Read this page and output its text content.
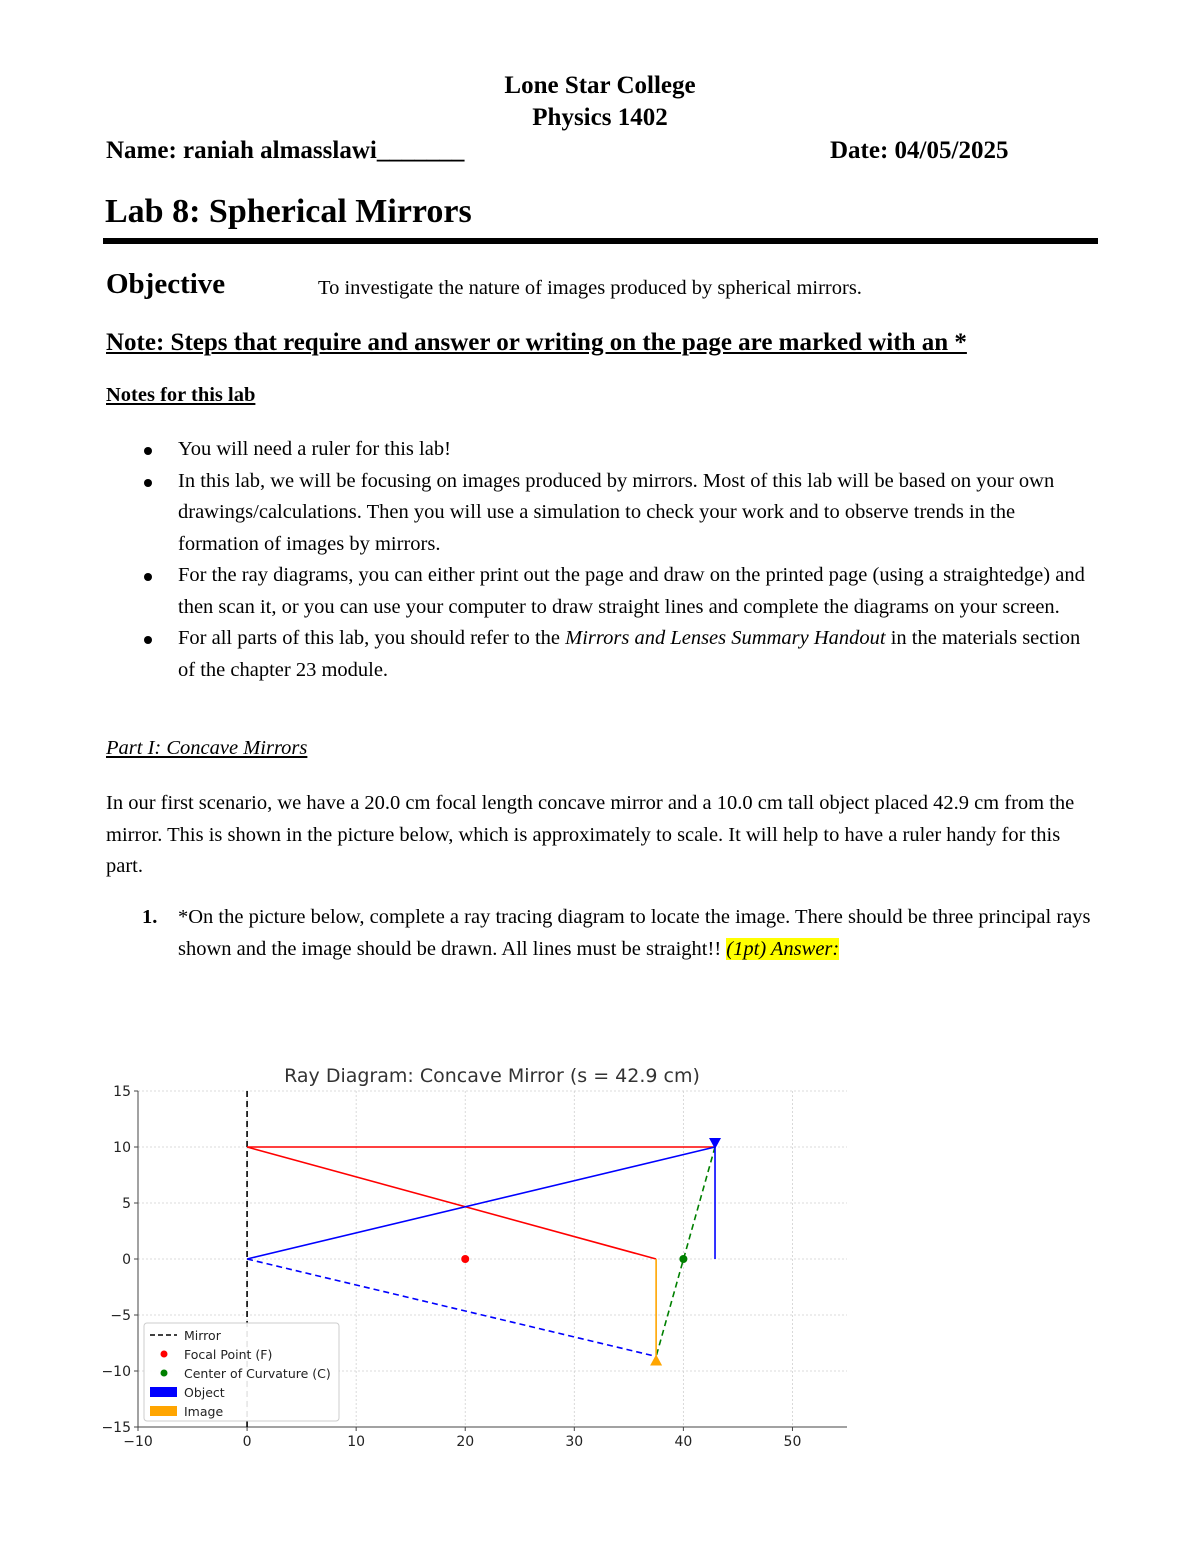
Lone Star College
Physics 1402
Name: raniah almasslawi_______	Date: 04/05/2025
Lab 8: Spherical Mirrors
Objective	To investigate the nature of images produced by spherical mirrors.
Note: Steps that require and answer or writing on the page are marked with an *
Notes for this lab
You will need a ruler for this lab!
In this lab, we will be focusing on images produced by mirrors. Most of this lab will be based on your own drawings/calculations. Then you will use a simulation to check your work and to observe trends in the formation of images by mirrors.
For the ray diagrams, you can either print out the page and draw on the printed page (using a straightedge) and then scan it, or you can use your computer to draw straight lines and complete the diagrams on your screen.
For all parts of this lab, you should refer to the Mirrors and Lenses Summary Handout in the materials section of the chapter 23 module.
Part I: Concave Mirrors
In our first scenario, we have a 20.0 cm focal length concave mirror and a 10.0 cm tall object placed 42.9 cm from the mirror. This is shown in the picture below, which is approximately to scale. It will help to have a ruler handy for this part.
1. *On the picture below, complete a ray tracing diagram to locate the image. There should be three principal rays shown and the image should be drawn. All lines must be straight!! (1pt) Answer:
Ray Diagram: Concave Mirror (s = 42.9 cm)
−10	0	10	20	30	40	50
−15
−10
−5
0
5
10
15
Mirror
Focal Point (F)
Center of Curvature (C)
Object
Image
